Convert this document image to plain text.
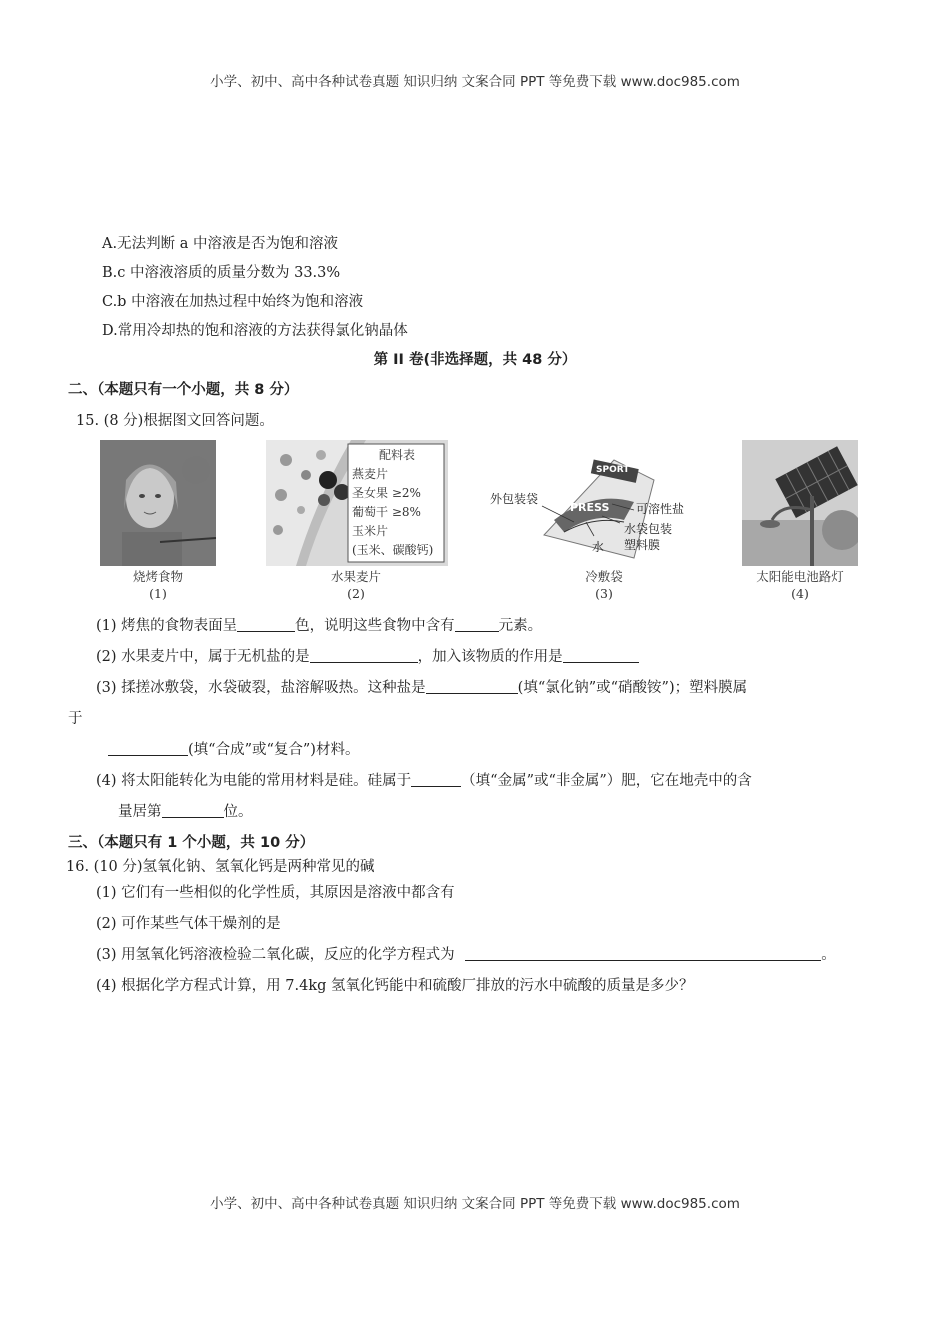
小学、初中、高中各种试卷真题 知识归纳 文案合同 PPT 等免费下载 www.doc985.com
A.无法判断 a 中溶液是否为饱和溶液
B.c 中溶液溶质的质量分数为 33.3%
C.b 中溶液在加热过程中始终为饱和溶液
D.常用冷却热的饱和溶液的方法获得氯化钠晶体
第 II 卷(非选择题，共 48 分）
二、（本题只有一个小题，共 8 分）
15. (8 分)根据图文回答问题。
烧烤食物
(1)
配料表
燕麦片
圣女果 ≥2%
葡萄干 ≥8%
玉米片
(玉米、碳酸钙)
水果麦片
(2)
SPORT
PRESS
外包装袋
可溶性盐
水袋包装
塑料膜
水
冷敷袋
(3)
太阳能电池路灯
(4)
(1) 烤焦的食物表面呈	色，说明这些食物中含有	元素。
(2) 水果麦片中，属于无机盐的是	，加入该物质的作用是
(3) 揉搓冰敷袋，水袋破裂，盐溶解吸热。这种盐是	(填“氯化钠”或“硝酸铵”)；塑料膜属
于
(填“合成”或“复合”)材料。
(4) 将太阳能转化为电能的常用材料是硅。硅属于	（填“金属”或“非金属”）肥，它在地壳中的含
量居第	位。
三、（本题只有 1 个小题，共 10 分）
16. (10 分)氢氧化钠、氢氧化钙是两种常见的碱
(1) 它们有一些相似的化学性质，其原因是溶液中都含有
(2) 可作某些气体干燥剂的是
(3) 用氢氧化钙溶液检验二氧化碳，反应的化学方程式为	。
(4) 根据化学方程式计算，用 7.4kg 氢氧化钙能中和硫酸厂排放的污水中硫酸的质量是多少？
小学、初中、高中各种试卷真题 知识归纳 文案合同 PPT 等免费下载 www.doc985.com
